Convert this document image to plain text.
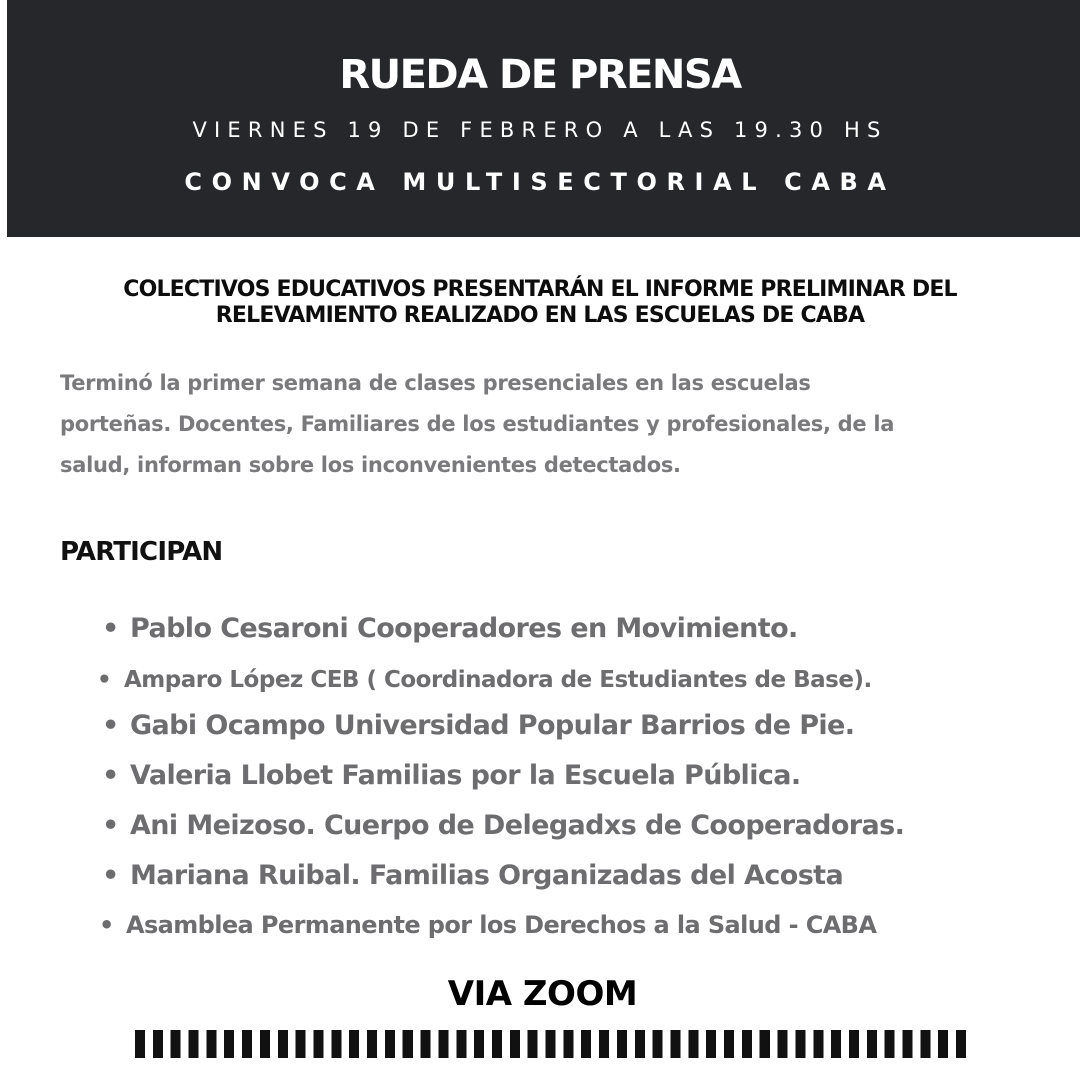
RUEDA DE PRENSA
VIERNES 19 DE FEBRERO A LAS 19.30 HS
CONVOCA MULTISECTORIAL CABA
COLECTIVOS EDUCATIVOS PRESENTARÁN EL INFORME PRELIMINAR DEL
RELEVAMIENTO REALIZADO EN LAS ESCUELAS DE CABA
Terminó la primer semana de clases presenciales en las escuelas
porteñas. Docentes, Familiares de los estudiantes y profesionales, de la
salud, informan sobre los inconvenientes detectados.
PARTICIPAN
• Pablo Cesaroni Cooperadores en Movimiento.
• Amparo López CEB ( Coordinadora de Estudiantes de Base).
• Gabi Ocampo Universidad Popular Barrios de Pie.
• Valeria Llobet Familias por la Escuela Pública.
• Ani Meizoso. Cuerpo de Delegadxs de Cooperadoras.
• Mariana Ruibal. Familias Organizadas del Acosta
• Asamblea Permanente por los Derechos a la Salud - CABA
VIA ZOOM
